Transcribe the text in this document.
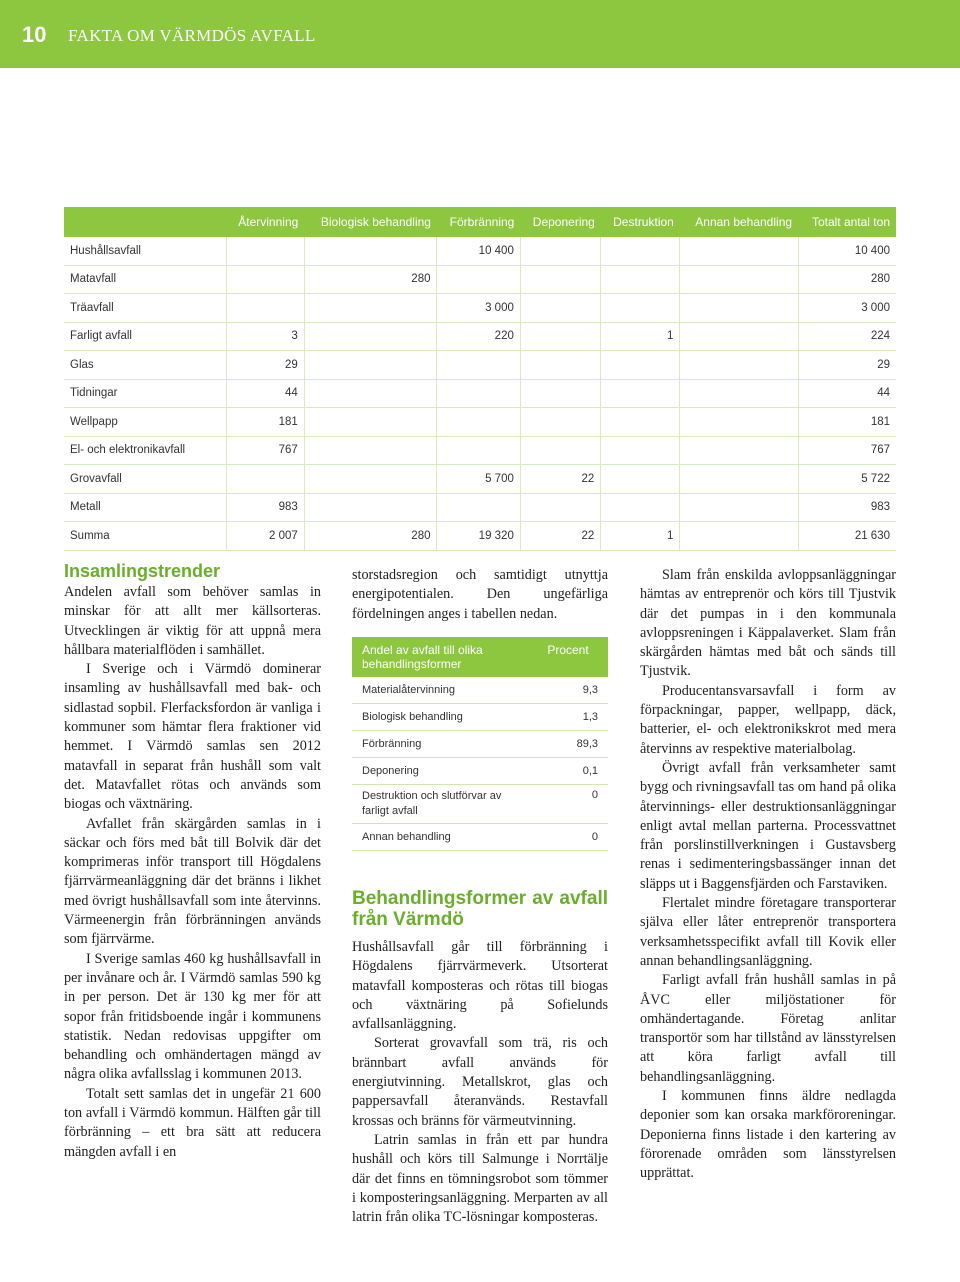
10 FAKTA OM VÄRMDÖS AVFALL
	Återvinning	Biologisk behandling	Förbränning	Deponering	Destruktion	Annan behandling	Totalt antal ton
Hushållsavfall			10 400				10 400
Matavfall		280					280
Träavfall			3 000				3 000
Farligt avfall	3		220		1		224
Glas	29						29
Tidningar	44						44
Wellpapp	181						181
El- och elektronikavfall	767						767
Grovavfall			5 700	22			5 722
Metall	983						983
Summa	2 007	280	19 320	22	1		21 630
Insamlingstrender

Andelen avfall som behöver samlas in minskar för att allt mer källsorteras. Utvecklingen är viktig för att uppnå mera hållbara materialflöden i samhället.

I Sverige och i Värmdö dominerar insamling av hushållsavfall med bak- och sidlastad sopbil. Flerfacksfordon är vanliga i kommuner som hämtar flera fraktioner vid hemmet. I Värmdö samlas sen 2012 matavfall in separat från hushåll som valt det. Matavfallet rötas och används som biogas och växtnäring.

Avfallet från skärgården samlas in i säckar och förs med båt till Bolvik där det komprimeras inför transport till Högdalens fjärrvärmeanläggning där det bränns i likhet med övrigt hushållsavfall som inte återvinns. Värmeenergin från förbränningen används som fjärrvärme.

I Sverige samlas 460 kg hushållsavfall in per invånare och år. I Värmdö samlas 590 kg in per person. Det är 130 kg mer för att sopor från fritidsboende ingår i kommunens statistik. Nedan redovisas uppgifter om behandling och omhändertagen mängd av några olika avfallsslag i kommunen 2013.

Totalt sett samlas det in ungefär 21 600 ton avfall i Värmdö kommun. Hälften går till förbränning – ett bra sätt att reducera mängden avfall i en

storstadsregion och samtidigt utnyttja energipotentialen. Den ungefärliga fördelningen anges i tabellen nedan.

Andel av avfall till olika behandlingsformer	Procent
Materialåtervinning	9,3
Biologisk behandling	1,3
Förbränning	89,3
Deponering	0,1
Destruktion och slutförvar av farligt avfall	0
Annan behandling	0
Behandlingsformer av avfall från Värmdö

Hushållsavfall går till förbränning i Högdalens fjärrvärmeverk. Utsorterat matavfall komposteras och rötas till biogas och växtnäring på Sofielunds avfallsanläggning.

Sorterat grovavfall som trä, ris och brännbart avfall används för energiutvinning. Metallskrot, glas och pappersavfall återanvänds. Restavfall krossas och bränns för värmeutvinning.

Latrin samlas in från ett par hundra hushåll och körs till Salmunge i Norrtälje där det finns en tömningsrobot som tömmer i komposteringsanläggning. Merparten av all latrin från olika TC-lösningar komposteras.

Slam från enskilda avloppsanläggningar hämtas av entreprenör och körs till Tjustvik där det pumpas in i den kommunala avloppsreningen i Käppalaverket. Slam från skärgården hämtas med båt och sänds till Tjustvik.

Producentansvarsavfall i form av förpackningar, papper, wellpapp, däck, batterier, el- och elektronikskrot med mera återvinns av respektive materialbolag.

Övrigt avfall från verksamheter samt bygg och rivningsavfall tas om hand på olika återvinnings- eller destruktionsanläggningar enligt avtal mellan parterna. Processvattnet från porslinstillverkningen i Gustavsberg renas i sedimenteringsbassänger innan det släpps ut i Baggensfjärden och Farstaviken.

Flertalet mindre företagare transporterar själva eller låter entreprenör transportera verksamhetsspecifikt avfall till Kovik eller annan behandlingsanläggning.

Farligt avfall från hushåll samlas in på ÅVC eller miljöstationer för omhändertagande. Företag anlitar transportör som har tillstånd av länsstyrelsen att köra farligt avfall till behandlingsanläggning.

I kommunen finns äldre nedlagda deponier som kan orsaka markföroreningar. Deponierna finns listade i den kartering av förorenade områden som länsstyrelsen upprättat.
